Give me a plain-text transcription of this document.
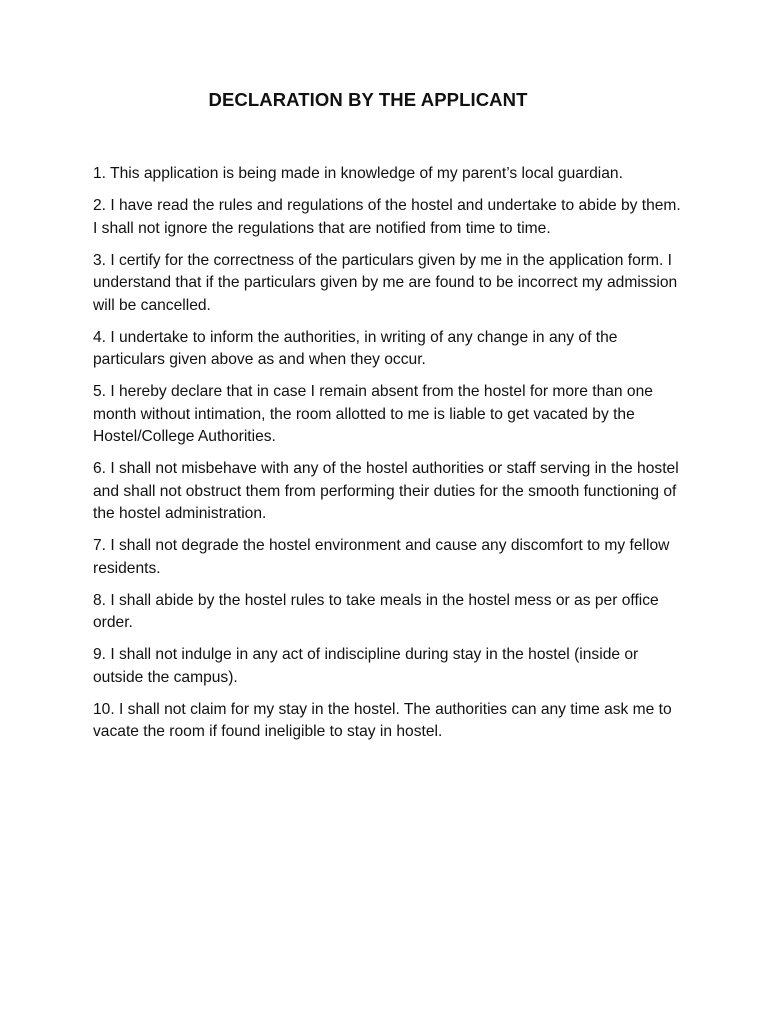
DECLARATION BY THE APPLICANT
1. This application is being made in knowledge of my parent’s local guardian.
2. I have read the rules and regulations of the hostel and undertake to abide by them. I shall not ignore the regulations that are notified from time to time.
3. I certify for the correctness of the particulars given by me in the application form. I understand that if the particulars given by me are found to be incorrect my admission will be cancelled.
4. I undertake to inform the authorities, in writing of any change in any of the particulars given above as and when they occur.
5. I hereby declare that in case I remain absent from the hostel for more than one month without intimation, the room allotted to me is liable to get vacated by the Hostel/College Authorities.
6. I shall not misbehave with any of the hostel authorities or staff serving in the hostel and shall not obstruct them from performing their duties for the smooth functioning of the hostel administration.
7. I shall not degrade the hostel environment and cause any discomfort to my fellow residents.
8. I shall abide by the hostel rules to take meals in the hostel mess or as per office order.
9. I shall not indulge in any act of indiscipline during stay in the hostel (inside or outside the campus).
10. I shall not claim for my stay in the hostel. The authorities can any time ask me to vacate the room if found ineligible to stay in hostel.
